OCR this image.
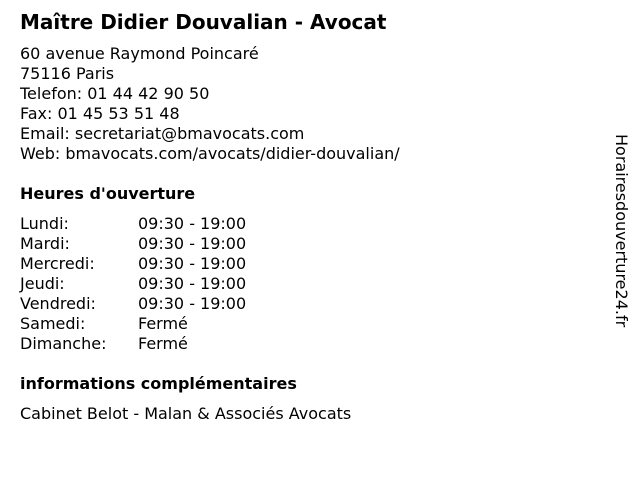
Maître Didier Douvalian - Avocat
60 avenue Raymond Poincaré
75116 Paris
Telefon: 01 44 42 90 50
Fax: 01 45 53 51 48
Email: secretariat@bmavocats.com
Web: bmavocats.com/avocats/didier-douvalian/
Heures d'ouverture
Lundi:	09:30 - 19:00
Mardi:	09:30 - 19:00
Mercredi:	09:30 - 19:00
Jeudi:	09:30 - 19:00
Vendredi:	09:30 - 19:00
Samedi:	Fermé
Dimanche:	Fermé
informations complémentaires
Cabinet Belot - Malan & Associés Avocats
Horairesdouverture24.fr
